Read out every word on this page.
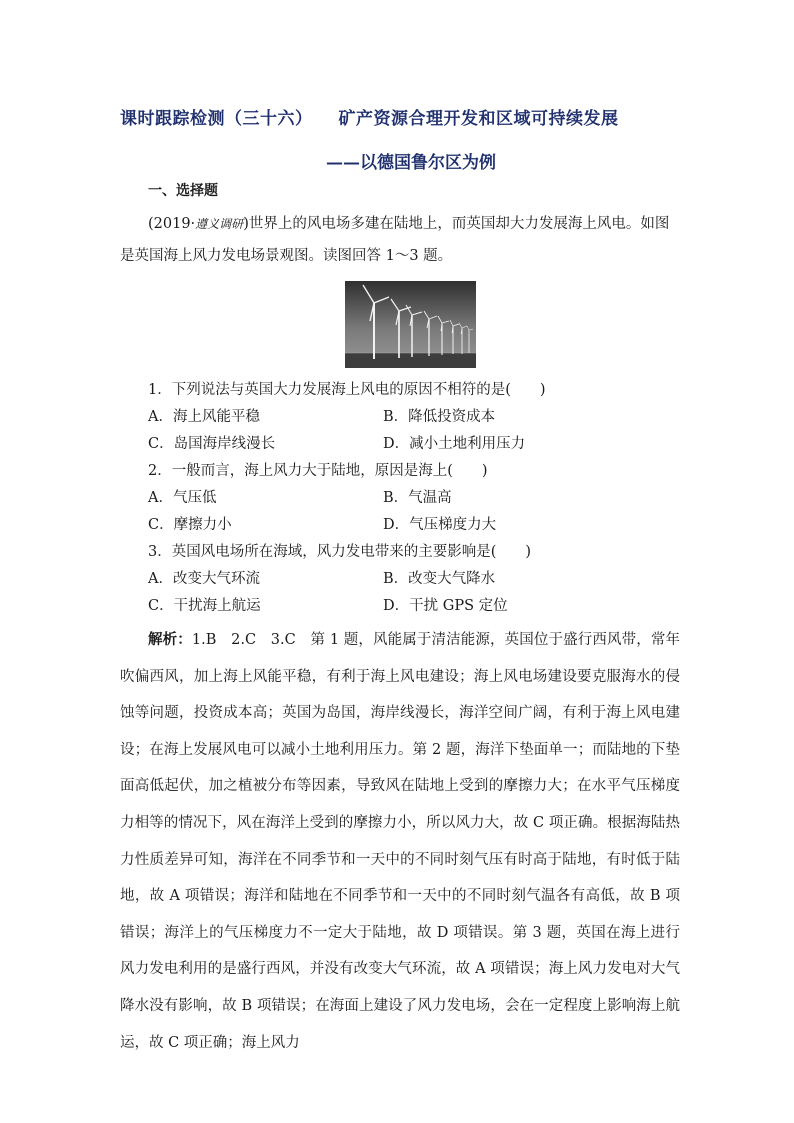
课时跟踪检测（三十六） 矿产资源合理开发和区域可持续发展
——以德国鲁尔区为例
一、选择题
(2019·遵义调研)世界上的风电场多建在陆地上，而英国却大力发展海上风电。如图是英国海上风力发电场景观图。读图回答 1～3 题。
1．下列说法与英国大力发展海上风电的原因不相符的是(　　)
A．海上风能平稳	B．降低投资成本
C．岛国海岸线漫长	D．减小土地利用压力
2．一般而言，海上风力大于陆地，原因是海上(　　)
A．气压低	B．气温高
C．摩擦力小	D．气压梯度力大
3．英国风电场所在海域，风力发电带来的主要影响是(　　)
A．改变大气环流	B．改变大气降水
C．干扰海上航运	D．干扰 GPS 定位
解析：1.B　2.C　3.C　第 1 题，风能属于清洁能源，英国位于盛行西风带，常年吹偏西风，加上海上风能平稳，有利于海上风电建设；海上风电场建设要克服海水的侵蚀等问题，投资成本高；英国为岛国，海岸线漫长，海洋空间广阔，有利于海上风电建设；在海上发展风电可以减小土地利用压力。第 2 题，海洋下垫面单一；而陆地的下垫面高低起伏，加之植被分布等因素，导致风在陆地上受到的摩擦力大；在水平气压梯度力相等的情况下，风在海洋上受到的摩擦力小，所以风力大，故 C 项正确。根据海陆热力性质差异可知，海洋在不同季节和一天中的不同时刻气压有时高于陆地，有时低于陆地，故 A 项错误；海洋和陆地在不同季节和一天中的不同时刻气温各有高低，故 B 项错误；海洋上的气压梯度力不一定大于陆地，故 D 项错误。第 3 题，英国在海上进行风力发电利用的是盛行西风，并没有改变大气环流，故 A 项错误；海上风力发电对大气降水没有影响，故 B 项错误；在海面上建设了风力发电场，会在一定程度上影响海上航运，故 C 项正确；海上风力
